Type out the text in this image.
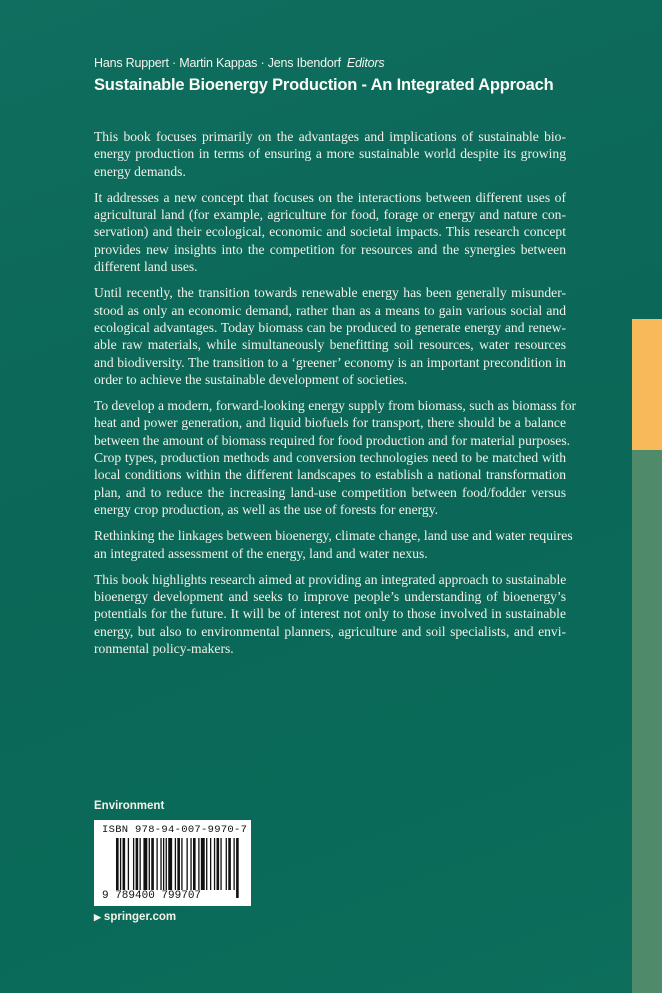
Hans Ruppert · Martin Kappas · Jens Ibendorf Editors
Sustainable Bioenergy Production - An Integrated Approach
This book focuses primarily on the advantages and implications of sustainable bio-
energy production in terms of ensuring a more sustainable world despite its growing
energy demands.
It addresses a new concept that focuses on the interactions between different uses of
agricultural land (for example, agriculture for food, forage or energy and nature con-
servation) and their ecological, economic and societal impacts. This research concept
provides new insights into the competition for resources and the synergies between
different land uses.
Until recently, the transition towards renewable energy has been generally misunder-
stood as only an economic demand, rather than as a means to gain various social and
ecological advantages. Today biomass can be produced to generate energy and renew-
able raw materials, while simultaneously benefitting soil resources, water resources
and biodiversity. The transition to a ‘greener’ economy is an important precondition in
order to achieve the sustainable development of societies.
To develop a modern, forward-looking energy supply from biomass, such as biomass for
heat and power generation, and liquid biofuels for transport, there should be a balance
between the amount of biomass required for food production and for material purposes.
Crop types, production methods and conversion technologies need to be matched with
local conditions within the different landscapes to establish a national transformation
plan, and to reduce the increasing land-use competition between food/fodder versus
energy crop production, as well as the use of forests for energy.
Rethinking the linkages between bioenergy, climate change, land use and water requires
an integrated assessment of the energy, land and water nexus.
This book highlights research aimed at providing an integrated approach to sustainable
bioenergy development and seeks to improve people’s understanding of bioenergy’s
potentials for the future. It will be of interest not only to those involved in sustainable
energy, but also to environmental planners, agriculture and soil specialists, and envi-
ronmental policy-makers.
Environment
ISBN 978-94-007-9970-7
9 789400 799707
▶ springer.com
